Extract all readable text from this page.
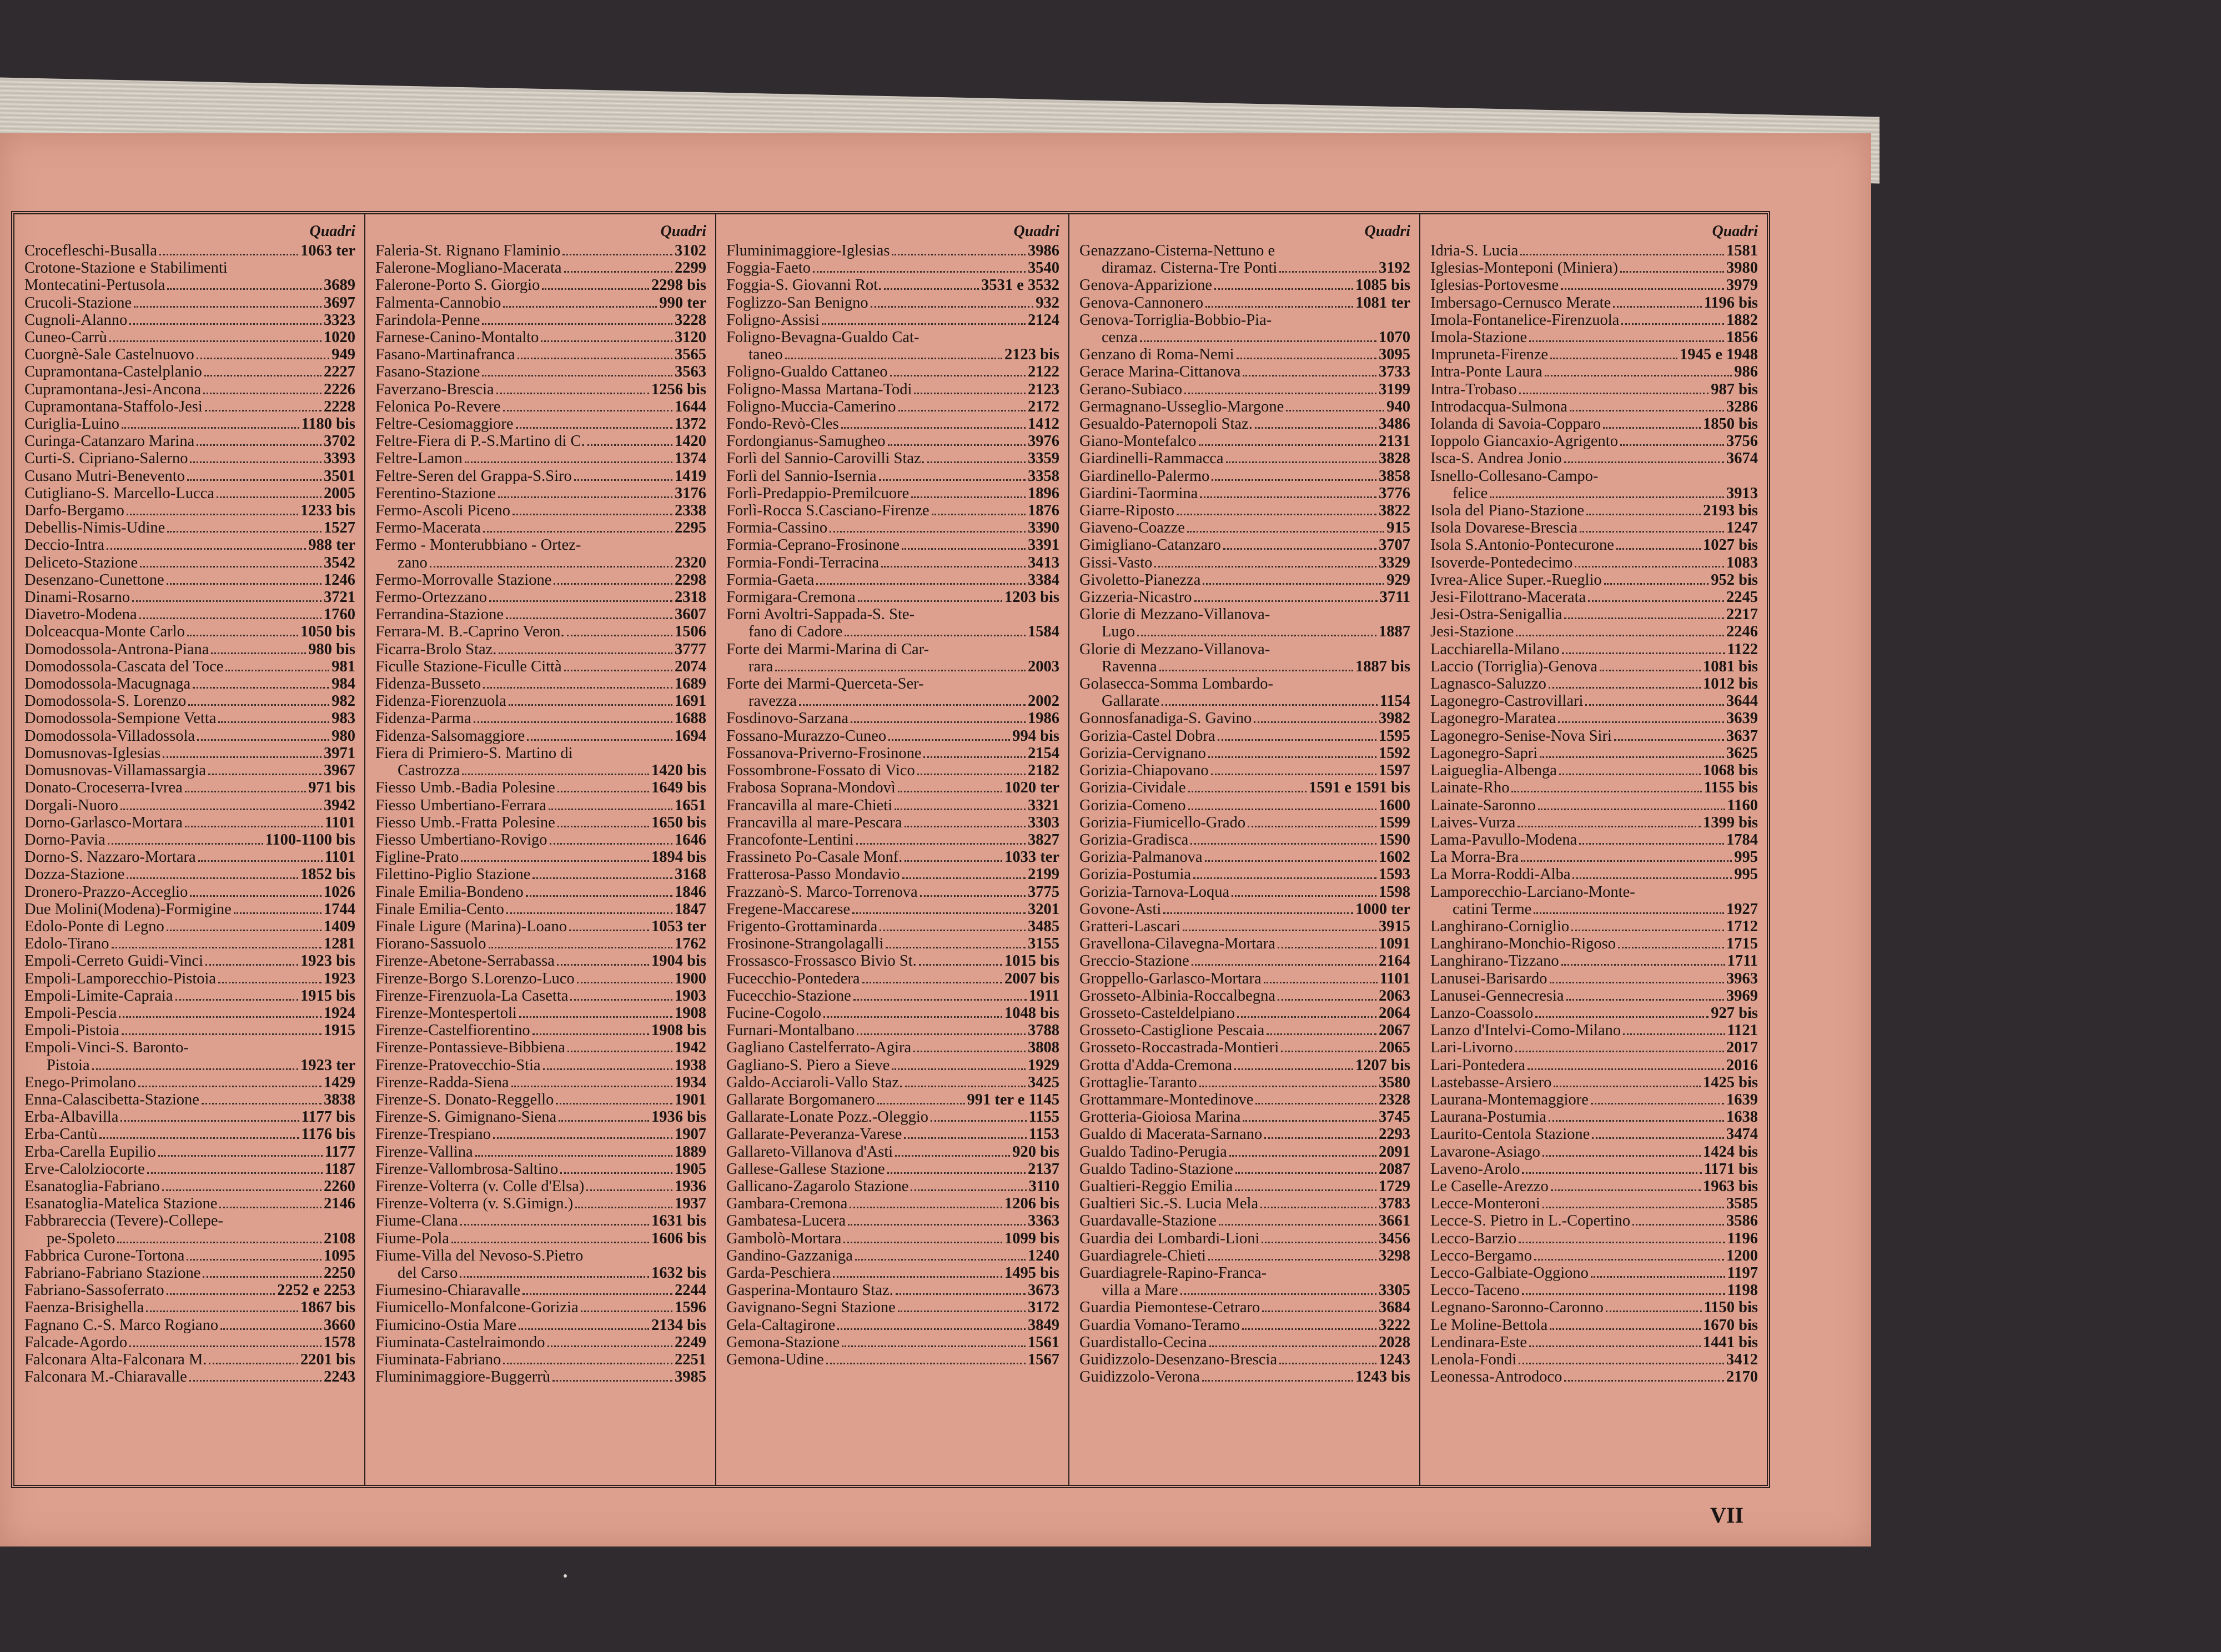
Quadri
Crocefleschi-Busalla	1063 ter
Crotone-Stazione e Stabilimenti
Montecatini-Pertusola	3689
Crucoli-Stazione	3697
Cugnoli-Alanno	3323
Cuneo-Carrù	1020
Cuorgnè-Sale Castelnuovo	949
Cupramontana-Castelplanio	2227
Cupramontana-Jesi-Ancona	2226
Cupramontana-Staffolo-Jesi	2228
Curiglia-Luino	1180 bis
Curinga-Catanzaro Marina	3702
Curti-S. Cipriano-Salerno	3393
Cusano Mutri-Benevento	3501
Cutigliano-S. Marcello-Lucca	2005
Darfo-Bergamo	1233 bis
Debellis-Nimis-Udine	1527
Deccio-Intra	988 ter
Deliceto-Stazione	3542
Desenzano-Cunettone	1246
Dinami-Rosarno	3721
Diavetro-Modena	1760
Dolceacqua-Monte Carlo	1050 bis
Domodossola-Antrona-Piana	980 bis
Domodossola-Cascata del Toce	981
Domodossola-Macugnaga	984
Domodossola-S. Lorenzo	982
Domodossola-Sempione Vetta	983
Domodossola-Villadossola	980
Domusnovas-Iglesias	3971
Domusnovas-Villamassargia	3967
Donato-Croceserra-Ivrea	971 bis
Dorgali-Nuoro	3942
Dorno-Garlasco-Mortara	1101
Dorno-Pavia	1100-1100 bis
Dorno-S. Nazzaro-Mortara	1101
Dozza-Stazione	1852 bis
Dronero-Prazzo-Acceglio	1026
Due Molini(Modena)-Formigine	1744
Edolo-Ponte di Legno	1409
Edolo-Tirano	1281
Empoli-Cerreto Guidi-Vinci	1923 bis
Empoli-Lamporecchio-Pistoia	1923
Empoli-Limite-Capraia	1915 bis
Empoli-Pescia	1924
Empoli-Pistoia	1915
Empoli-Vinci-S. Baronto-
Pistoia	1923 ter
Enego-Primolano	1429
Enna-Calascibetta-Stazione	3838
Erba-Albavilla	1177 bis
Erba-Cantù	1176 bis
Erba-Carella Eupilio	1177
Erve-Calolziocorte	1187
Esanatoglia-Fabriano	2260
Esanatoglia-Matelica Stazione	2146
Fabbrareccia (Tevere)-Collepe-
pe-Spoleto	2108
Fabbrica Curone-Tortona	1095
Fabriano-Fabriano Stazione	2250
Fabriano-Sassoferrato	2252 e 2253
Faenza-Brisighella	1867 bis
Fagnano C.-S. Marco Rogiano	3660
Falcade-Agordo	1578
Falconara Alta-Falconara M.	2201 bis
Falconara M.-Chiaravalle	2243
Quadri
Faleria-St. Rignano Flaminio	3102
Falerone-Mogliano-Macerata	2299
Falerone-Porto S. Giorgio	2298 bis
Falmenta-Cannobio	990 ter
Farindola-Penne	3228
Farnese-Canino-Montalto	3120
Fasano-Martinafranca	3565
Fasano-Stazione	3563
Faverzano-Brescia	1256 bis
Felonica Po-Revere	1644
Feltre-Cesiomaggiore	1372
Feltre-Fiera di P.-S.Martino di C.	1420
Feltre-Lamon	1374
Feltre-Seren del Grappa-S.Siro	1419
Ferentino-Stazione	3176
Fermo-Ascoli Piceno	2338
Fermo-Macerata	2295
Fermo - Monterubbiano - Ortez-
zano	2320
Fermo-Morrovalle Stazione	2298
Fermo-Ortezzano	2318
Ferrandina-Stazione	3607
Ferrara-M. B.-Caprino Veron.	1506
Ficarra-Brolo Staz.	3777
Ficulle Stazione-Ficulle Città	2074
Fidenza-Busseto	1689
Fidenza-Fiorenzuola	1691
Fidenza-Parma	1688
Fidenza-Salsomaggiore	1694
Fiera di Primiero-S. Martino di
Castrozza	1420 bis
Fiesso Umb.-Badia Polesine	1649 bis
Fiesso Umbertiano-Ferrara	1651
Fiesso Umb.-Fratta Polesine	1650 bis
Fiesso Umbertiano-Rovigo	1646
Figline-Prato	1894 bis
Filettino-Piglio Stazione	3168
Finale Emilia-Bondeno	1846
Finale Emilia-Cento	1847
Finale Ligure (Marina)-Loano	1053 ter
Fiorano-Sassuolo	1762
Firenze-Abetone-Serrabassa	1904 bis
Firenze-Borgo S.Lorenzo-Luco	1900
Firenze-Firenzuola-La Casetta	1903
Firenze-Montespertoli	1908
Firenze-Castelfiorentino	1908 bis
Firenze-Pontassieve-Bibbiena	1942
Firenze-Pratovecchio-Stia	1938
Firenze-Radda-Siena	1934
Firenze-S. Donato-Reggello	1901
Firenze-S. Gimignano-Siena	1936 bis
Firenze-Trespiano	1907
Firenze-Vallina	1889
Firenze-Vallombrosa-Saltino	1905
Firenze-Volterra (v. Colle d'Elsa)	1936
Firenze-Volterra (v. S.Gimign.)	1937
Fiume-Clana	1631 bis
Fiume-Pola	1606 bis
Fiume-Villa del Nevoso-S.Pietro
del Carso	1632 bis
Fiumesino-Chiaravalle	2244
Fiumicello-Monfalcone-Gorizia	1596
Fiumicino-Ostia Mare	2134 bis
Fiuminata-Castelraimondo	2249
Fiuminata-Fabriano	2251
Fluminimaggiore-Buggerrù	3985
Quadri
Fluminimaggiore-Iglesias	3986
Foggia-Faeto	3540
Foggia-S. Giovanni Rot.	3531 e 3532
Foglizzo-San Benigno	932
Foligno-Assisi	2124
Foligno-Bevagna-Gualdo Cat-
taneo	2123 bis
Foligno-Gualdo Cattaneo	2122
Foligno-Massa Martana-Todi	2123
Foligno-Mucciа-Camerino	2172
Fondo-Revò-Cles	1412
Fordongianus-Samugheo	3976
Forlì del Sannio-Carovilli Staz.	3359
Forlì del Sannio-Isernia	3358
Forlì-Predappio-Premilcuore	1896
Forlì-Rocca S.Casciano-Firenze	1876
Formia-Cassino	3390
Formia-Ceprano-Frosinone	3391
Formia-Fondi-Terracina	3413
Formia-Gaeta	3384
Formigara-Cremona	1203 bis
Forni Avoltri-Sappada-S. Ste-
fano di Cadore	1584
Forte dei Marmi-Marina di Car-
rara	2003
Forte dei Marmi-Querceta-Ser-
ravezza	2002
Fosdinovo-Sarzana	1986
Fossano-Murazzo-Cuneo	994 bis
Fossanova-Priverno-Frosinone	2154
Fossombrone-Fossato di Vico	2182
Frabosa Soprana-Mondovì	1020 ter
Francavilla al mare-Chieti	3321
Francavilla al mare-Pescara	3303
Francofonte-Lentini	3827
Frassineto Po-Casale Monf.	1033 ter
Fratterosa-Passo Mondavio	2199
Frazzanò-S. Marco-Torrenova	3775
Fregene-Maccarese	3201
Frigento-Grottaminarda	3485
Frosinone-Strangolagalli	3155
Frossasco-Frossasco Bivio St.	1015 bis
Fucecchio-Pontedera	2007 bis
Fucecchio-Stazione	1911
Fucine-Cogolo	1048 bis
Furnari-Montalbano	3788
Gagliano Castelferrato-Agira	3808
Gagliano-S. Piero a Sieve	1929
Galdo-Acciaroli-Vallo Staz.	3425
Gallarate Borgomanero	991 ter e 1145
Gallarate-Lonate Pozz.-Oleggio	1155
Gallarate-Peveranza-Varese	1153
Gallareto-Villanova d'Asti	920 bis
Gallese-Gallese Stazione	2137
Gallicano-Zagarolo Stazione	3110
Gambara-Cremona	1206 bis
Gambatesa-Lucera	3363
Gambolò-Mortara	1099 bis
Gandino-Gazzaniga	1240
Garda-Peschiera	1495 bis
Gasperina-Montauro Staz.	3673
Gavignano-Segni Stazione	3172
Gela-Caltagirone	3849
Gemona-Stazione	1561
Gemona-Udine	1567
Quadri
Genazzano-Cisterna-Nettuno e
diramaz. Cisterna-Tre Ponti	3192
Genova-Apparizione	1085 bis
Genova-Cannonero	1081 ter
Genova-Torriglia-Bobbio-Pia-
cenza	1070
Genzano di Roma-Nemi	3095
Gerace Marina-Cittanova	3733
Gerano-Subiaco	3199
Germagnano-Usseglio-Margone	940
Gesualdo-Paternopoli Staz.	3486
Giano-Montefalco	2131
Giardinelli-Rammacca	3828
Giardinello-Palermo	3858
Giardini-Taormina	3776
Giarre-Riposto	3822
Giaveno-Coazze	915
Gimigliano-Catanzaro	3707
Gissi-Vasto	3329
Givoletto-Pianezza	929
Gizzeria-Nicastro	3711
Glorie di Mezzano-Villanova-
Lugo	1887
Glorie di Mezzano-Villanova-
Ravenna	1887 bis
Golasecca-Somma Lombardo-
Gallarate	1154
Gonnosfanadiga-S. Gavino	3982
Gorizia-Castel Dobra	1595
Gorizia-Cervignano	1592
Gorizia-Chiapovano	1597
Gorizia-Cividale	1591 e 1591 bis
Gorizia-Comeno	1600
Gorizia-Fiumicello-Grado	1599
Gorizia-Gradisca	1590
Gorizia-Palmanova	1602
Gorizia-Postumia	1593
Gorizia-Tarnova-Loqua	1598
Govone-Asti	1000 ter
Gratteri-Lascari	3915
Gravellona-Cilavegna-Mortara	1091
Greccio-Stazione	2164
Groppello-Garlasco-Mortara	1101
Grosseto-Albinia-Roccalbegna	2063
Grosseto-Casteldelpiano	2064
Grosseto-Castiglione Pescaia	2067
Grosseto-Roccastrada-Montieri	2065
Grotta d'Adda-Cremona	1207 bis
Grottaglie-Taranto	3580
Grottammare-Montedinove	2328
Grotteria-Gioiosa Marina	3745
Gualdo di Macerata-Sarnano	2293
Gualdo Tadino-Perugia	2091
Gualdo Tadino-Stazione	2087
Gualtieri-Reggio Emilia	1729
Gualtieri Sic.-S. Lucia Mela	3783
Guardavalle-Stazione	3661
Guardia dei Lombardi-Lioni	3456
Guardiagrele-Chieti	3298
Guardiagrele-Rapino-Franca-
villa a Mare	3305
Guardia Piemontese-Cetraro	3684
Guardia Vomano-Teramo	3222
Guardistallo-Cecina	2028
Guidizzolo-Desenzano-Brescia	1243
Guidizzolo-Verona	1243 bis
Quadri
Idria-S. Lucia	1581
Iglesias-Monteponi (Miniera)	3980
Iglesias-Portovesme	3979
Imbersago-Cernusco Merate	1196 bis
Imola-Fontanelice-Firenzuola	1882
Imola-Stazione	1856
Impruneta-Firenze	1945 e 1948
Intra-Ponte Laura	986
Intra-Trobaso	987 bis
Introdacqua-Sulmona	3286
Iolanda di Savoia-Copparo	1850 bis
Ioppolo Giancaxio-Agrigento	3756
Isca-S. Andrea Jonio	3674
Isnello-Collesano-Campo-
felice	3913
Isola del Piano-Stazione	2193 bis
Isola Dovarese-Brescia	1247
Isola S.Antonio-Pontecurone	1027 bis
Isoverde-Pontedecimo	1083
Ivrea-Alice Super.-Rueglio	952 bis
Jesi-Filottrano-Macerata	2245
Jesi-Ostra-Senigallia	2217
Jesi-Stazione	2246
Lacchiarella-Milano	1122
Laccio (Torriglia)-Genova	1081 bis
Lagnasco-Saluzzo	1012 bis
Lagonegro-Castrovillari	3644
Lagonegro-Maratea	3639
Lagonegro-Senise-Nova Siri	3637
Lagonegro-Sapri	3625
Laigueglia-Albenga	1068 bis
Lainate-Rho	1155 bis
Lainate-Saronno	1160
Laives-Vurza	1399 bis
Lama-Pavullo-Modena	1784
La Morra-Bra	995
La Morra-Roddi-Alba	995
Lamporecchio-Larciano-Monte-
catini Terme	1927
Langhirano-Corniglio	1712
Langhirano-Monchio-Rigoso	1715
Langhirano-Tizzano	1711
Lanusei-Barisardo	3963
Lanusei-Gennecresia	3969
Lanzo-Coassolo	927 bis
Lanzo d'Intelvi-Como-Milano	1121
Lari-Livorno	2017
Lari-Pontedera	2016
Lastebasse-Arsiero	1425 bis
Laurana-Montemaggiore	1639
Laurana-Postumia	1638
Laurito-Centola Stazione	3474
Lavarone-Asiago	1424 bis
Laveno-Arolo	1171 bis
Le Caselle-Arezzo	1963 bis
Lecce-Monteroni	3585
Lecce-S. Pietro in L.-Copertino	3586
Lecco-Barzio	1196
Lecco-Bergamo	1200
Lecco-Galbiate-Oggiono	1197
Lecco-Taceno	1198
Legnano-Saronno-Caronno	1150 bis
Le Moline-Bettola	1670 bis
Lendinara-Este	1441 bis
Lenola-Fondi	3412
Leonessa-Antrodoco	2170
VII
